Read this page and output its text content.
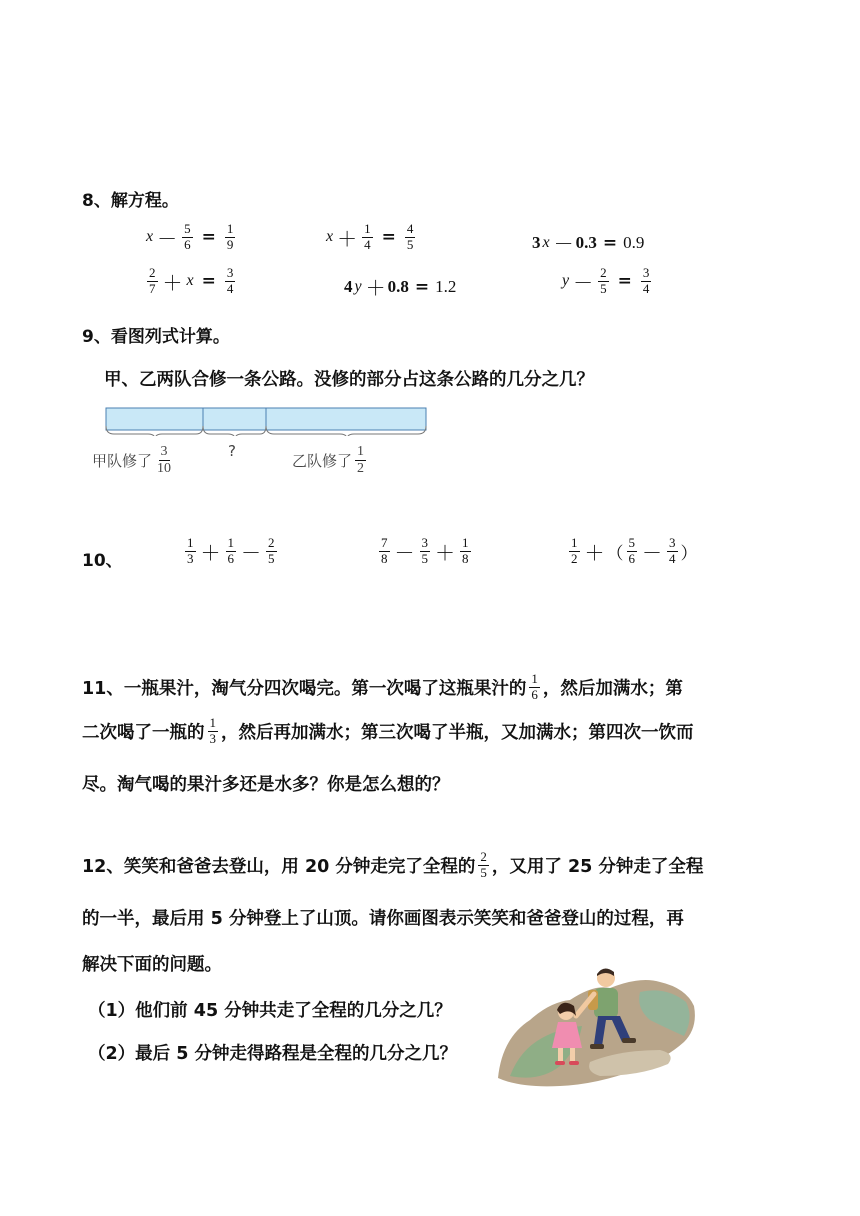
8、解方程。
$x - \frac{5}{6} = \frac{1}{9}$	$x + \frac{1}{4} = \frac{4}{5}$	3 x － 0.3 = 0.9
$\frac{2}{7} + x = \frac{3}{4}$	4 y ＋ 0.8 = 1.2	$y - \frac{2}{5} = \frac{3}{4}$
9、看图列式计算。
甲、乙两队合修一条公路。没修的部分占这条公路的几分之几？
甲队修了 $\frac{3}{10}$	?
乙队修了 $\frac{1}{2}$
10、	$\frac{1}{3} + \frac{1}{6} - \frac{2}{5}$	$\frac{7}{8} - \frac{3}{5} + \frac{1}{8}$	$\frac{1}{2}$ ＋ （ $\frac{5}{6} - \frac{3}{4}$ ）
11、一瓶果汁，淘气分四次喝完。第一次喝了这瓶果汁的 $\frac{1}{6}$ ，然后加满水；第
二次喝了一瓶的 $\frac{1}{3}$ ，然后再加满水；第三次喝了半瓶，又加满水；第四次一饮而
尽。淘气喝的果汁多还是水多？你是怎么想的？
12、笑笑和爸爸去登山，用 20 分钟走完了全程的 $\frac{2}{5}$ ，又用了 25 分钟走了全程
的一半，最后用 5 分钟登上了山顶。请你画图表示笑笑和爸爸登山的过程，再
解决下面的问题。
（1）他们前 45 分钟共走了全程的几分之几？
（2）最后 5 分钟走得路程是全程的几分之几？
